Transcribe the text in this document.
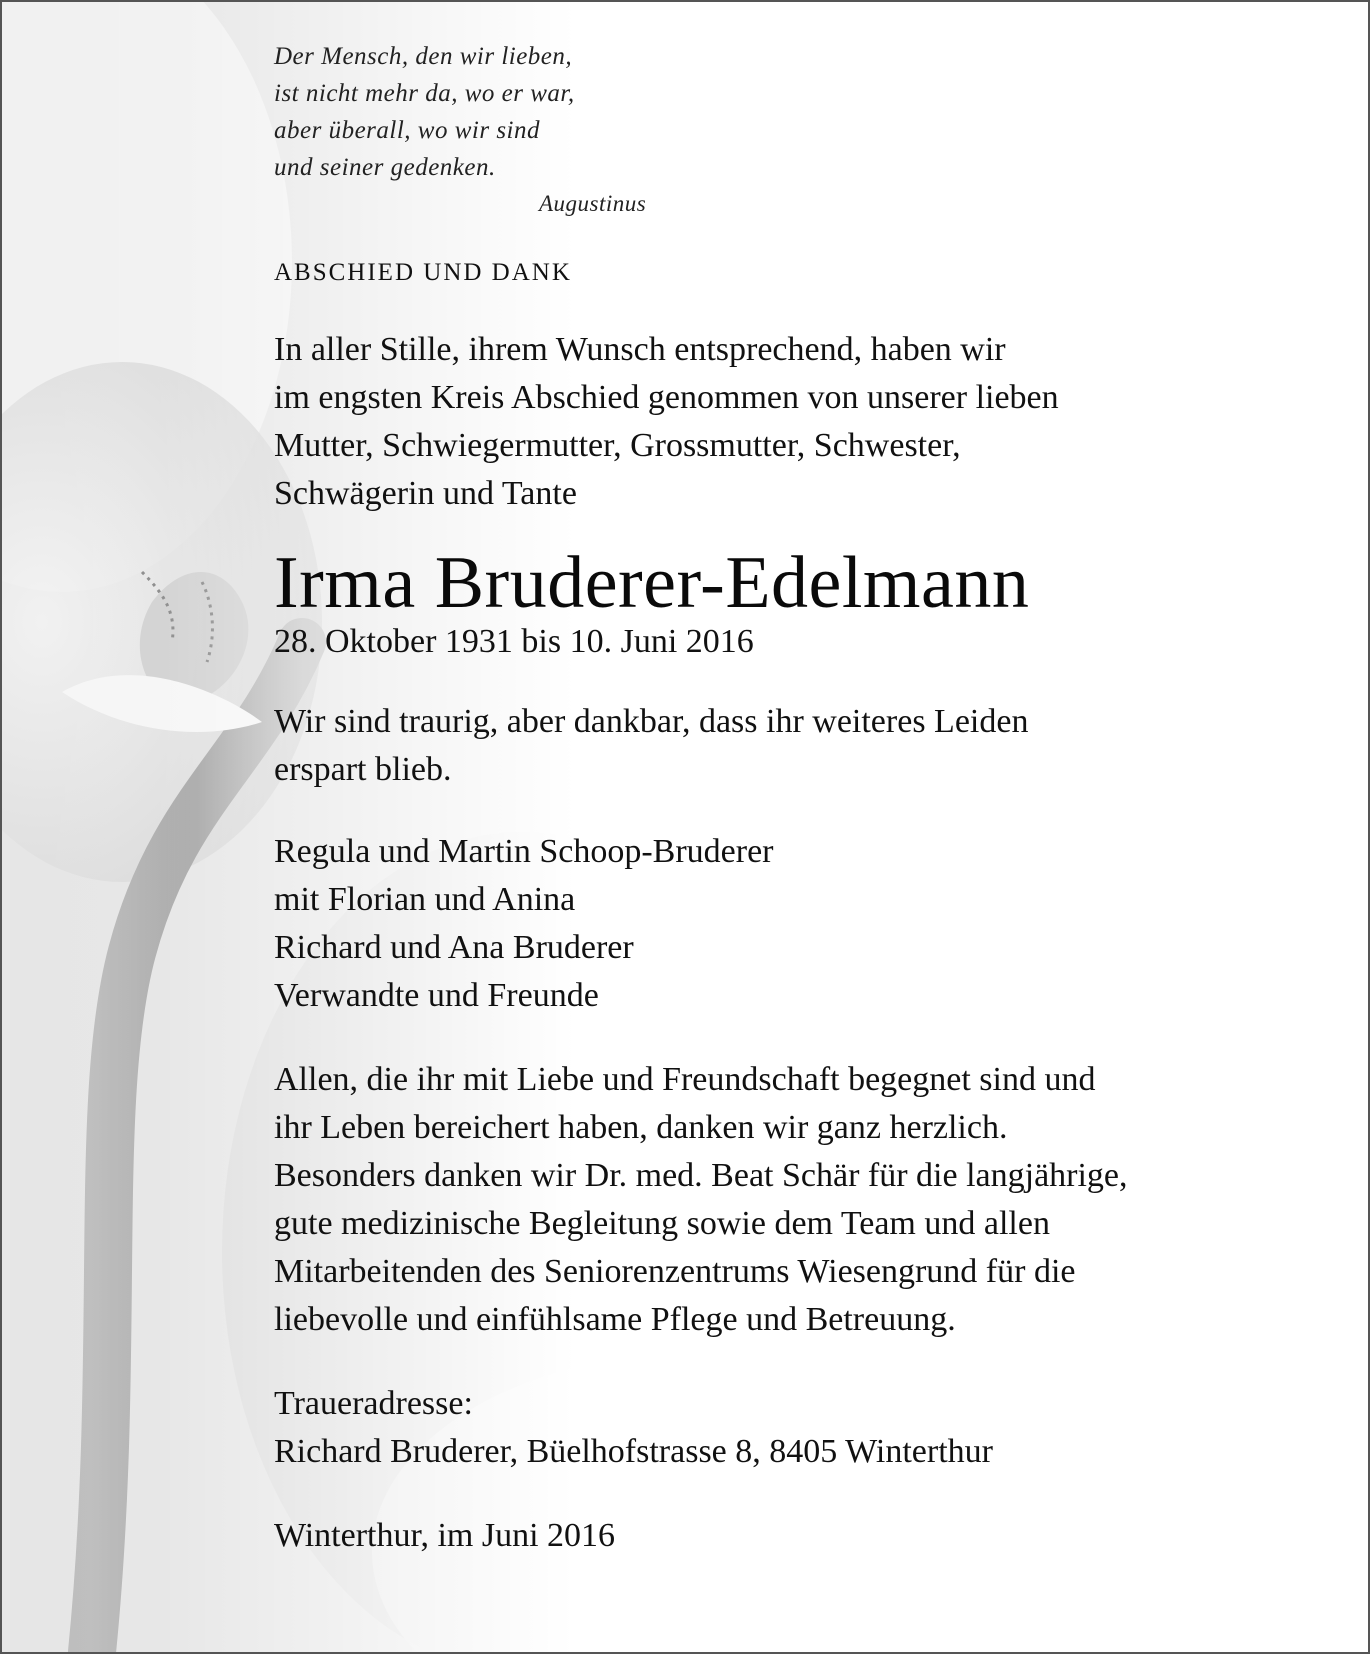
Der Mensch, den wir lieben,
ist nicht mehr da, wo er war,
aber überall, wo wir sind
und seiner gedenken.
Augustinus
ABSCHIED UND DANK

In aller Stille, ihrem Wunsch entsprechend, haben wir
im engsten Kreis Abschied genommen von unserer lieben
Mutter, Schwiegermutter, Grossmutter, Schwester,
Schwägerin und Tante

Irma Bruderer-Edelmann
28. Oktober 1931 bis 10. Juni 2016

Wir sind traurig, aber dankbar, dass ihr weiteres Leiden
erspart blieb.

Regula und Martin Schoop-Bruderer
mit Florian und Anina
Richard und Ana Bruderer
Verwandte und Freunde

Allen, die ihr mit Liebe und Freundschaft begegnet sind und
ihr Leben bereichert haben, danken wir ganz herzlich.
Besonders danken wir Dr. med. Beat Schär für die langjährige,
gute medizinische Begleitung sowie dem Team und allen
Mitarbeitenden des Seniorenzentrums Wiesengrund für die
liebevolle und einfühlsame Pflege und Betreuung.

Traueradresse:
Richard Bruderer, Büelhofstrasse 8, 8405 Winterthur

Winterthur, im Juni 2016
